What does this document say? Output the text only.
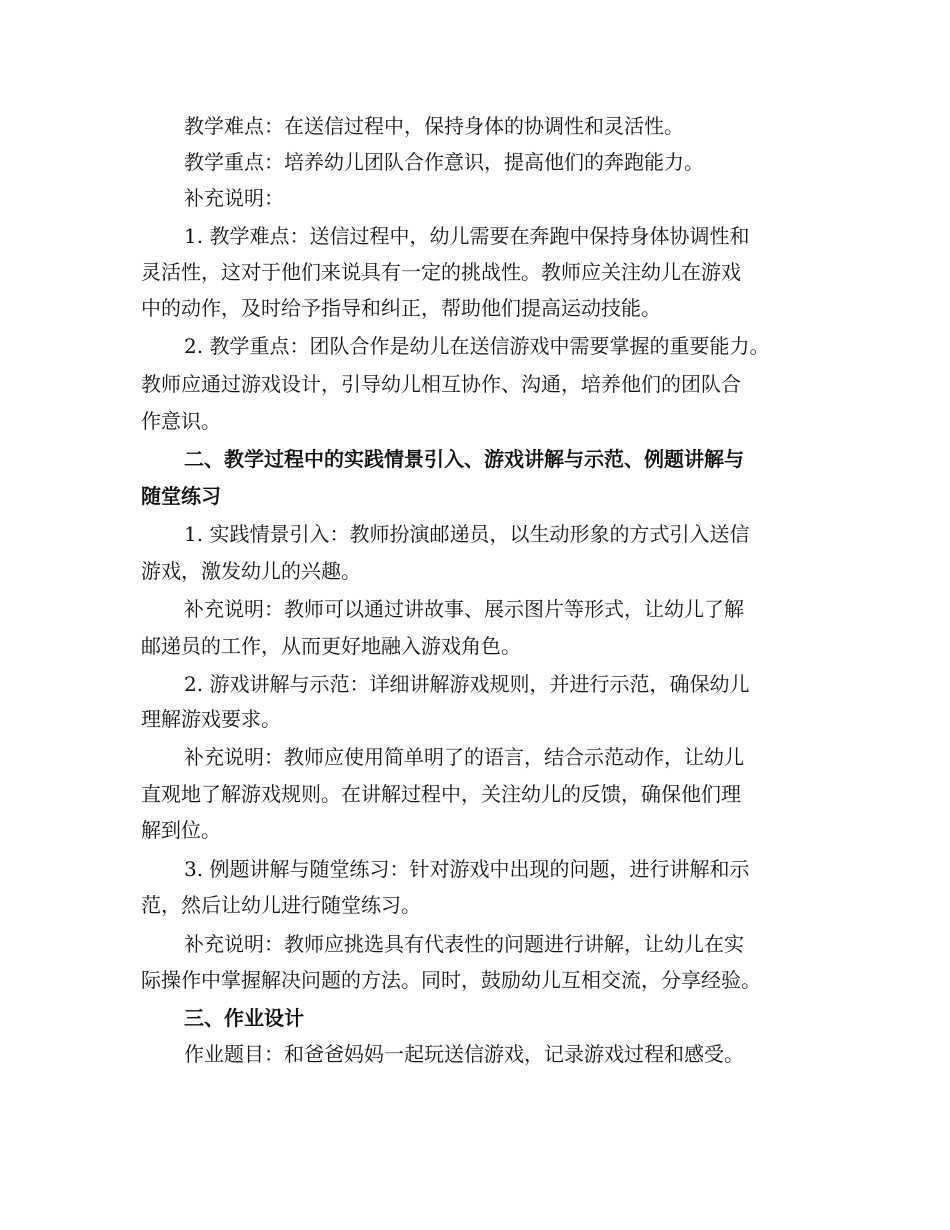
教学难点：在送信过程中，保持身体的协调性和灵活性。
教学重点：培养幼儿团队合作意识，提高他们的奔跑能力。
补充说明：
1. 教学难点：送信过程中，幼儿需要在奔跑中保持身体协调性和
灵活性，这对于他们来说具有一定的挑战性。教师应关注幼儿在游戏
中的动作，及时给予指导和纠正，帮助他们提高运动技能。
2. 教学重点：团队合作是幼儿在送信游戏中需要掌握的重要能力。
教师应通过游戏设计，引导幼儿相互协作、沟通，培养他们的团队合
作意识。
二、教学过程中的实践情景引入、游戏讲解与示范、例题讲解与
随堂练习
1. 实践情景引入：教师扮演邮递员，以生动形象的方式引入送信
游戏，激发幼儿的兴趣。
补充说明：教师可以通过讲故事、展示图片等形式，让幼儿了解
邮递员的工作，从而更好地融入游戏角色。
2. 游戏讲解与示范：详细讲解游戏规则，并进行示范，确保幼儿
理解游戏要求。
补充说明：教师应使用简单明了的语言，结合示范动作，让幼儿
直观地了解游戏规则。在讲解过程中，关注幼儿的反馈，确保他们理
解到位。
3. 例题讲解与随堂练习：针对游戏中出现的问题，进行讲解和示
范，然后让幼儿进行随堂练习。
补充说明：教师应挑选具有代表性的问题进行讲解，让幼儿在实
际操作中掌握解决问题的方法。同时，鼓励幼儿互相交流，分享经验。
三、作业设计
作业题目：和爸爸妈妈一起玩送信游戏，记录游戏过程和感受。
